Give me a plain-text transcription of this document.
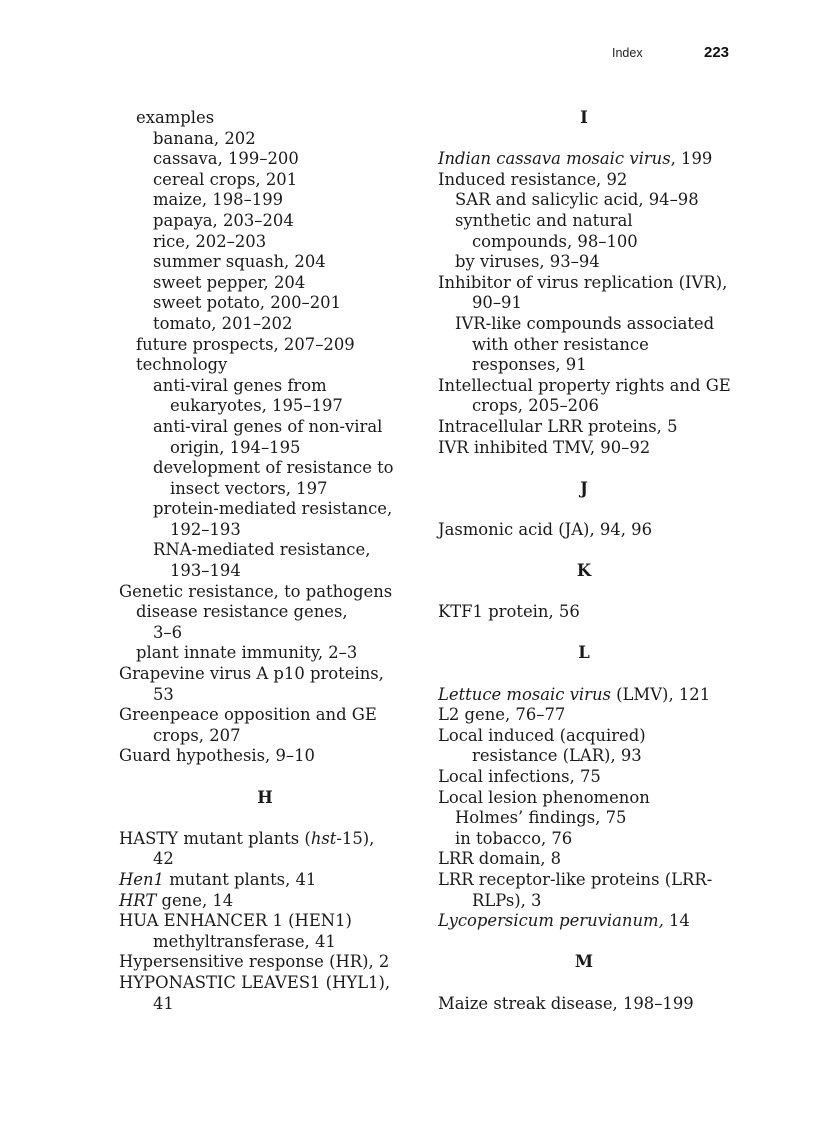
Index	223
examples
banana, 202
cassava, 199–200
cereal crops, 201
maize, 198–199
papaya, 203–204
rice, 202–203
summer squash, 204
sweet pepper, 204
sweet potato, 200–201
tomato, 201–202
future prospects, 207–209
technology
anti-viral genes from
eukaryotes, 195–197
anti-viral genes of non-viral
origin, 194–195
development of resistance to
insect vectors, 197
protein-mediated resistance,
192–193
RNA-mediated resistance,
193–194
Genetic resistance, to pathogens
disease resistance genes,
3–6
plant innate immunity, 2–3
Grapevine virus A p10 proteins,
53
Greenpeace opposition and GE
crops, 207
Guard hypothesis, 9–10
H
HASTY mutant plants (hst-15),
42
Hen1 mutant plants, 41
HRT gene, 14
HUA ENHANCER 1 (HEN1)
methyltransferase, 41
Hypersensitive response (HR), 2
HYPONASTIC LEAVES1 (HYL1),
41
I
Indian cassava mosaic virus, 199
Induced resistance, 92
SAR and salicylic acid, 94–98
synthetic and natural
compounds, 98–100
by viruses, 93–94
Inhibitor of virus replication (IVR),
90–91
IVR-like compounds associated
with other resistance
responses, 91
Intellectual property rights and GE
crops, 205–206
Intracellular LRR proteins, 5
IVR inhibited TMV, 90–92
J
Jasmonic acid (JA), 94, 96
K
KTF1 protein, 56
L
Lettuce mosaic virus (LMV), 121
L2 gene, 76–77
Local induced (acquired)
resistance (LAR), 93
Local infections, 75
Local lesion phenomenon
Holmes’ findings, 75
in tobacco, 76
LRR domain, 8
LRR receptor-like proteins (LRR-
RLPs), 3
Lycopersicum peruvianum, 14
M
Maize streak disease, 198–199
